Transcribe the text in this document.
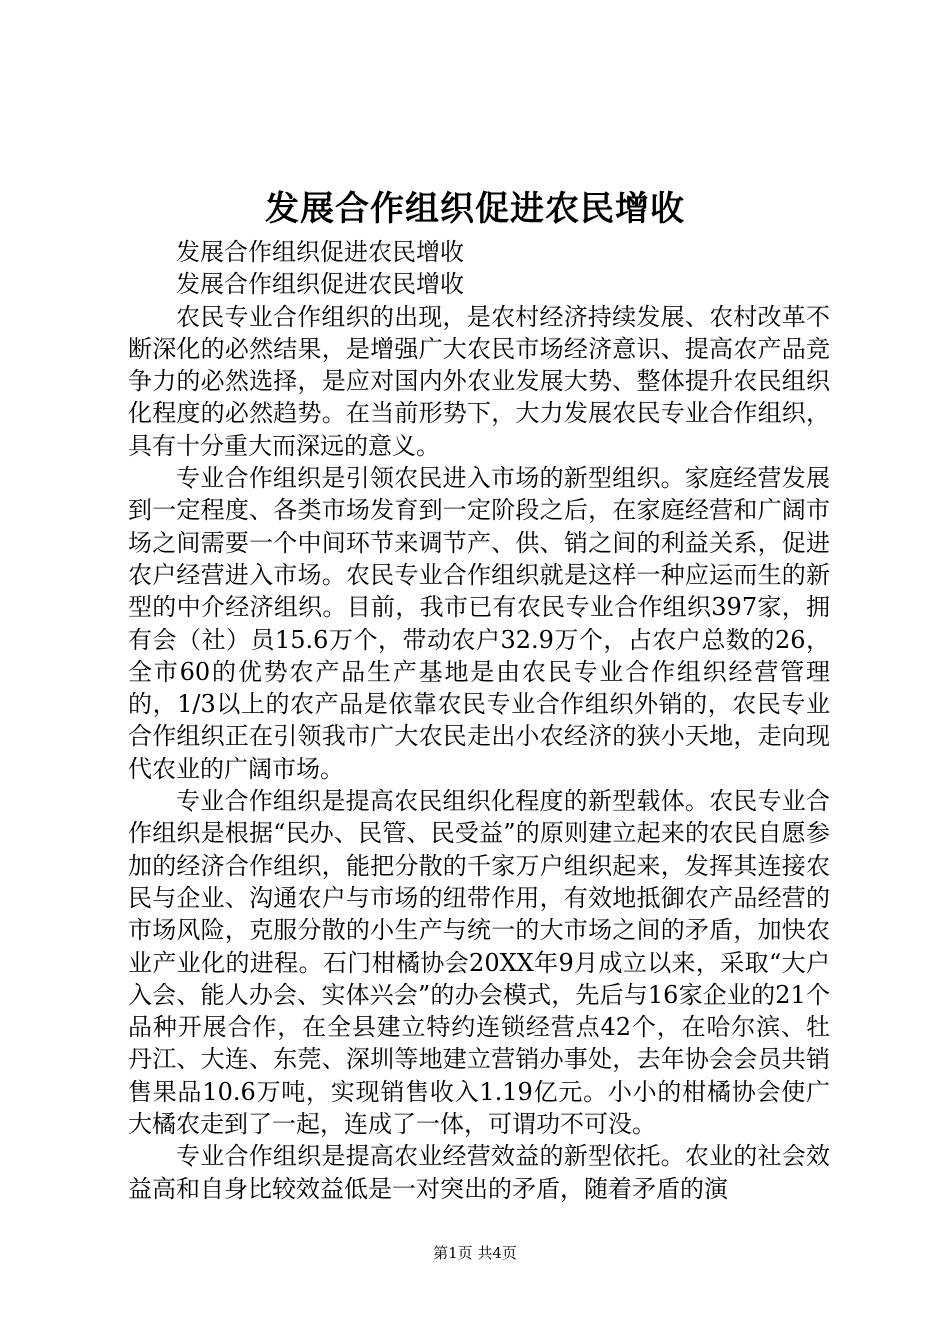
发展合作组织促进农民增收

发展合作组织促进农民增收

发展合作组织促进农民增收

农民专业合作组织的出现，是农村经济持续发展、农村改革不断深化的必然结果，是增强广大农民市场经济意识、提高农产品竞争力的必然选择，是应对国内外农业发展大势、整体提升农民组织化程度的必然趋势。在当前形势下，大力发展农民专业合作组织，具有十分重大而深远的意义。

专业合作组织是引领农民进入市场的新型组织。家庭经营发展到一定程度、各类市场发育到一定阶段之后，在家庭经营和广阔市场之间需要一个中间环节来调节产、供、销之间的利益关系，促进农户经营进入市场。农民专业合作组织就是这样一种应运而生的新型的中介经济组织。目前，我市已有农民专业合作组织397家，拥有会（社）员15.6万个，带动农户32.9万个，占农户总数的26，全市60的优势农产品生产基地是由农民专业合作组织经营管理的，1/3以上的农产品是依靠农民专业合作组织外销的，农民专业合作组织正在引领我市广大农民走出小农经济的狭小天地，走向现代农业的广阔市场。

专业合作组织是提高农民组织化程度的新型载体。农民专业合作组织是根据“民办、民管、民受益”的原则建立起来的农民自愿参加的经济合作组织，能把分散的千家万户组织起来，发挥其连接农民与企业、沟通农户与市场的纽带作用，有效地抵御农产品经营的市场风险，克服分散的小生产与统一的大市场之间的矛盾，加快农业产业化的进程。石门柑橘协会20XX年9月成立以来，采取“大户入会、能人办会、实体兴会”的办会模式，先后与16家企业的21个品种开展合作，在全县建立特约连锁经营点42个，在哈尔滨、牡丹江、大连、东莞、深圳等地建立营销办事处，去年协会会员共销售果品10.6万吨，实现销售收入1.19亿元。小小的柑橘协会使广大橘农走到了一起，连成了一体，可谓功不可没。

专业合作组织是提高农业经营效益的新型依托。农业的社会效益高和自身比较效益低是一对突出的矛盾，随着矛盾的演

第1页 共4页
